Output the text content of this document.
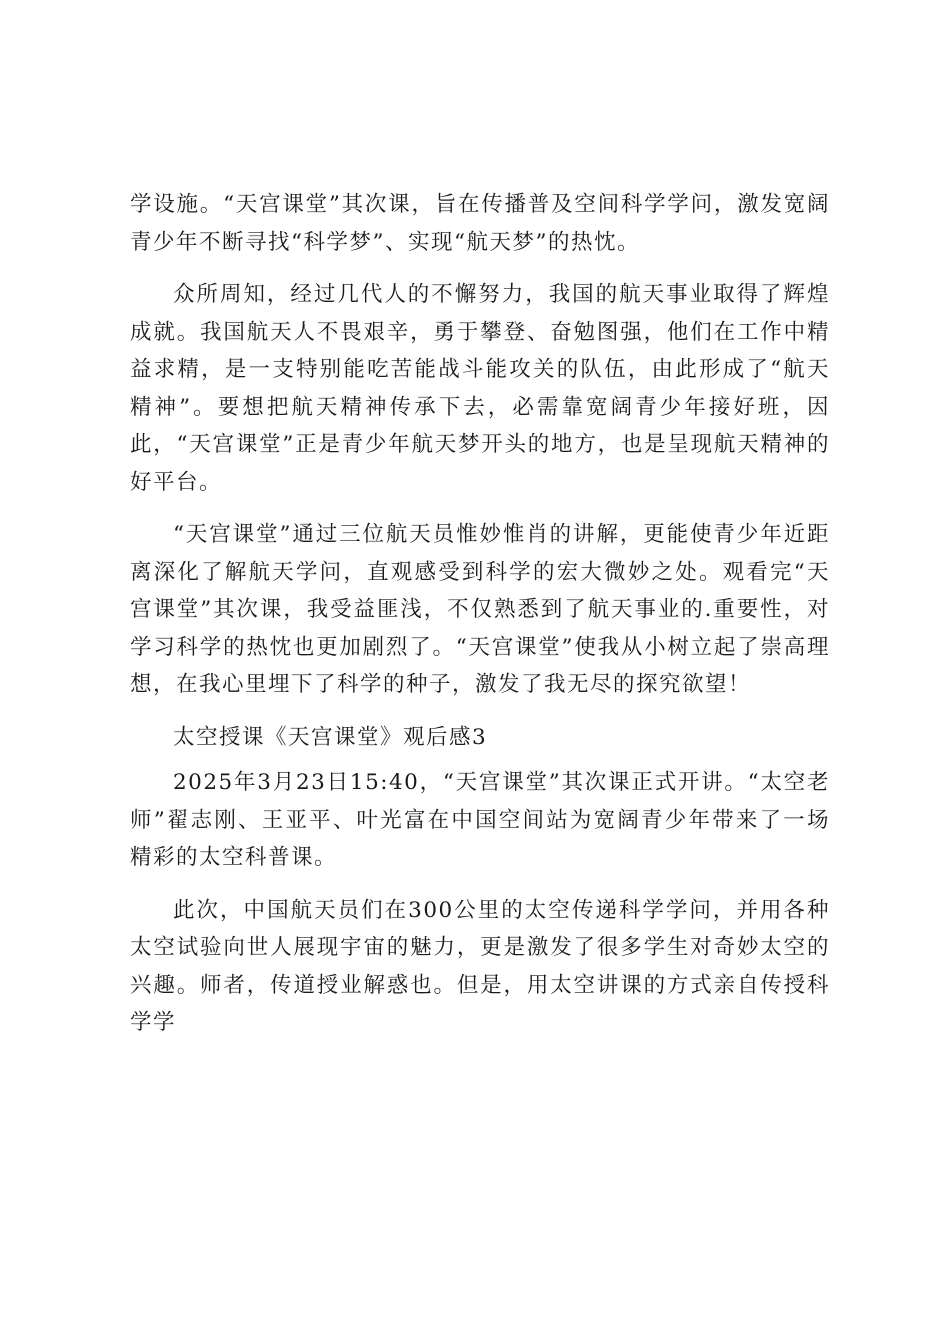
学设施。“天宫课堂”其次课，旨在传播普及空间科学学问，激发宽阔青少年不断寻找“科学梦”、实现“航天梦”的热忱。

众所周知，经过几代人的不懈努力，我国的航天事业取得了辉煌成就。我国航天人不畏艰辛，勇于攀登、奋勉图强，他们在工作中精益求精，是一支特别能吃苦能战斗能攻关的队伍，由此形成了“航天精神”。要想把航天精神传承下去，必需靠宽阔青少年接好班，因此，“天宫课堂”正是青少年航天梦开头的地方，也是呈现航天精神的好平台。

“天宫课堂”通过三位航天员惟妙惟肖的讲解，更能使青少年近距离深化了解航天学问，直观感受到科学的宏大微妙之处。观看完“天宫课堂”其次课，我受益匪浅，不仅熟悉到了航天事业的.重要性，对学习科学的热忱也更加剧烈了。“天宫课堂”使我从小树立起了崇高理想，在我心里埋下了科学的种子，激发了我无尽的探究欲望！

太空授课《天宫课堂》观后感3

2025年3月23日15:40，“天宫课堂”其次课正式开讲。“太空老师”翟志刚、王亚平、叶光富在中国空间站为宽阔青少年带来了一场精彩的太空科普课。

此次，中国航天员们在300公里的太空传递科学学问，并用各种太空试验向世人展现宇宙的魅力，更是激发了很多学生对奇妙太空的兴趣。师者，传道授业解惑也。但是，用太空讲课的方式亲自传授科学学
